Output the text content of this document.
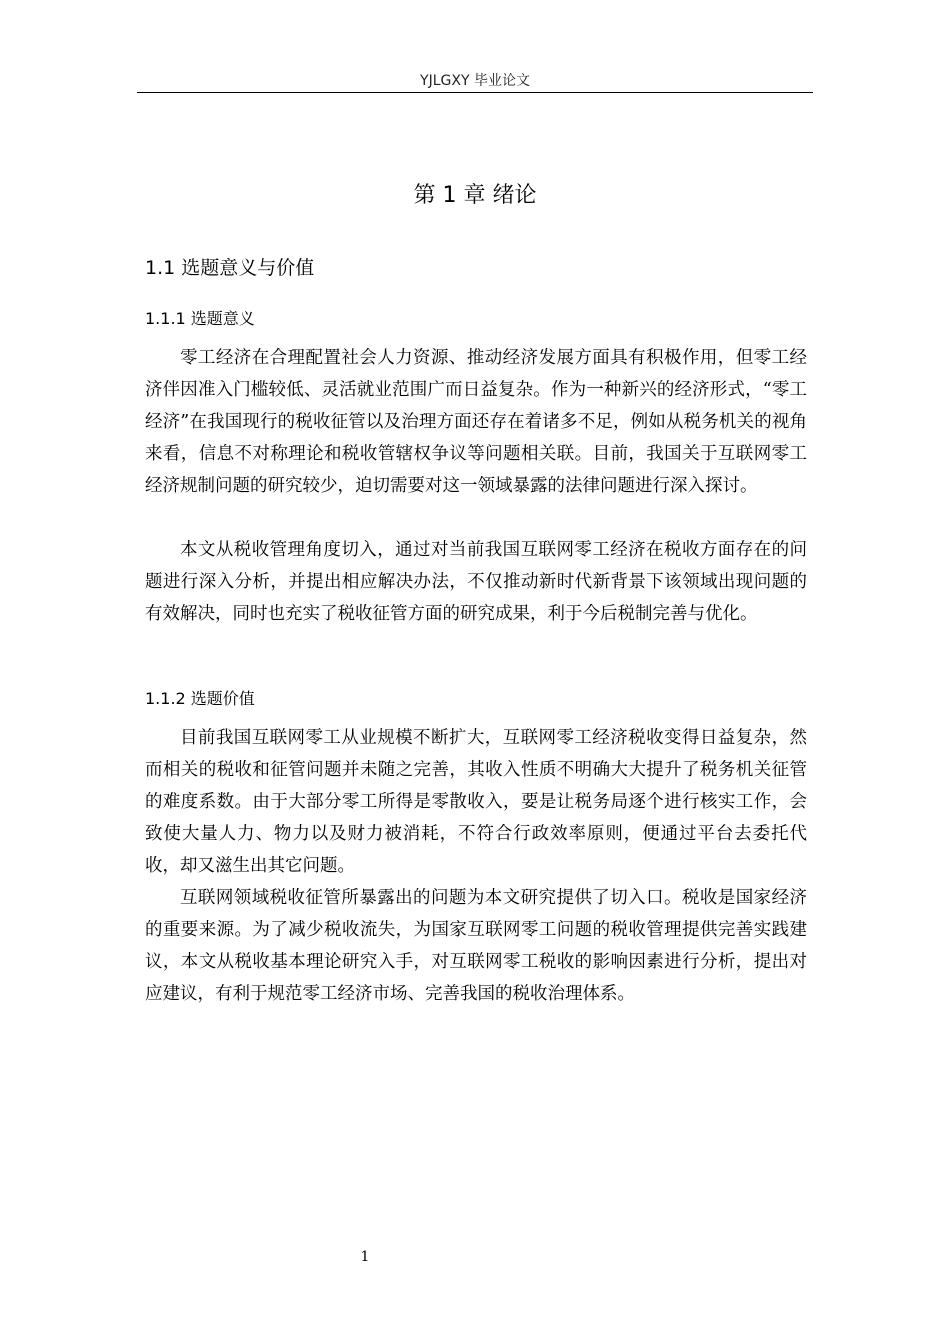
YJLGXY 毕业论文
第 1 章 绪论
1.1 选题意义与价值
1.1.1 选题意义

零工经济在合理配置社会人力资源、推动经济发展方面具有积极作用，但零工经济伴因准入门槛较低、灵活就业范围广而日益复杂。作为一种新兴的经济形式，“零工经济”在我国现行的税收征管以及治理方面还存在着诸多不足，例如从税务机关的视角来看，信息不对称理论和税收管辖权争议等问题相关联。目前，我国关于互联网零工经济规制问题的研究较少，迫切需要对这一领域暴露的法律问题进行深入探讨。

本文从税收管理角度切入，通过对当前我国互联网零工经济在税收方面存在的问题进行深入分析，并提出相应解决办法，不仅推动新时代新背景下该领域出现问题的有效解决，同时也充实了税收征管方面的研究成果，利于今后税制完善与优化。

1.1.2 选题价值

目前我国互联网零工从业规模不断扩大，互联网零工经济税收变得日益复杂，然而相关的税收和征管问题并未随之完善，其收入性质不明确大大提升了税务机关征管的难度系数。由于大部分零工所得是零散收入，要是让税务局逐个进行核实工作，会致使大量人力、物力以及财力被消耗，不符合行政效率原则，便通过平台去委托代收，却又滋生出其它问题。

互联网领域税收征管所暴露出的问题为本文研究提供了切入口。税收是国家经济的重要来源。为了减少税收流失，为国家互联网零工问题的税收管理提供完善实践建议，本文从税收基本理论研究入手，对互联网零工税收的影响因素进行分析，提出对应建议，有利于规范零工经济市场、完善我国的税收治理体系。

1
